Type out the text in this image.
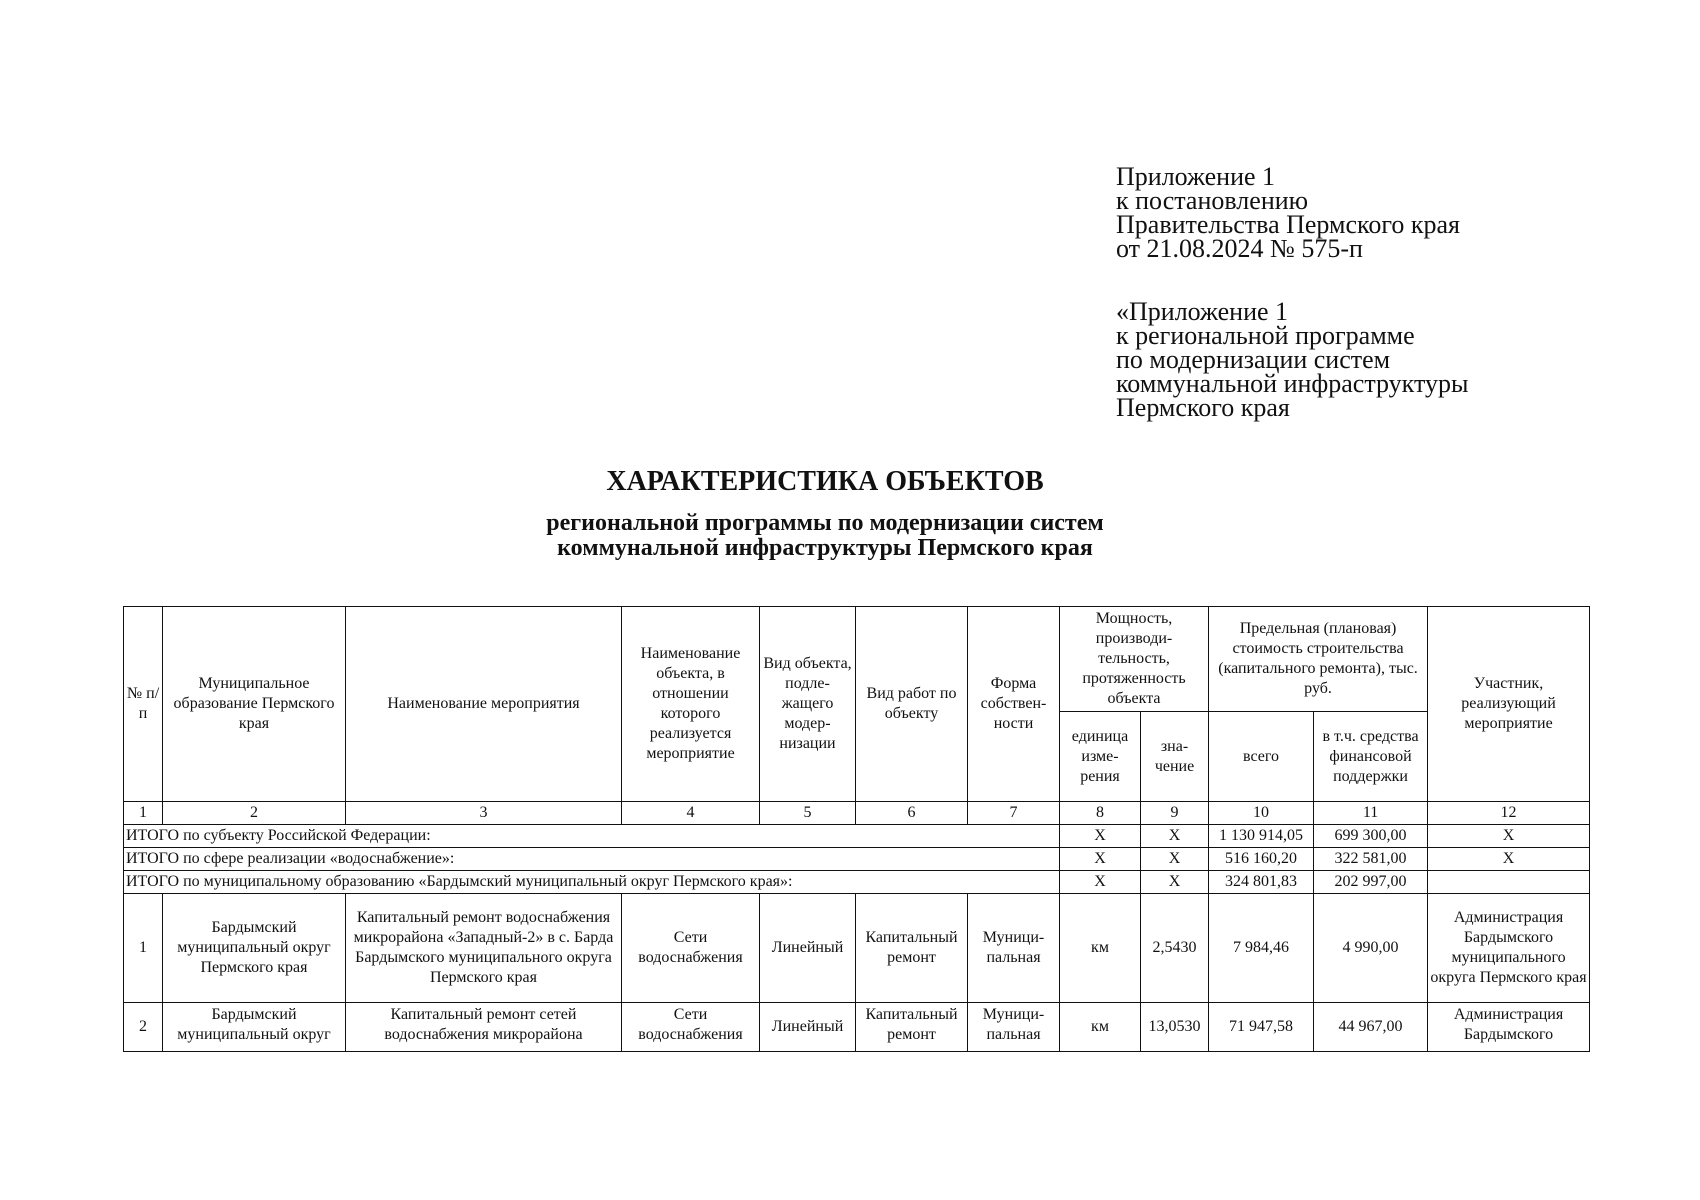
Приложение 1
к постановлению
Правительства Пермского края
от 21.08.2024 № 575-п
«Приложение 1
к региональной программе
по модернизации систем
коммунальной инфраструктуры
Пермского края
ХАРАКТЕРИСТИКА ОБЪЕКТОВ
региональной программы по модернизации систем
коммунальной инфраструктуры Пермского края
№ п/п	Муниципальное образование Пермского края	Наименование мероприятия	Наименование объекта, в отношении которого реализуется мероприятие	Вид объекта, подле-жащего модер-низации	Вид работ по объекту	Форма собствен-ности	Мощность, производи-тельность, протяженность объекта		Предельная (плановая) стоимость строительства (капитального ремонта), тыс. руб.		Участник, реализующий мероприятие
							единица изме-рения	зна-чение	всего	в т.ч. средства финансовой поддержки	
1	2	3	4	5	6	7	8	9	10	11	12
ИТОГО по субъекту Российской Федерации:							Х	Х	1 130 914,05	699 300,00	Х
ИТОГО по сфере реализации «водоснабжение»:							Х	Х	516 160,20	322 581,00	Х
ИТОГО по муниципальному образованию «Бардымский муниципальный округ Пермского края»:							Х	Х	324 801,83	202 997,00	
1	Бардымский муниципальный округ Пермского края	Капитальный ремонт водоснабжения микрорайона «Западный-2» в с. Барда Бардымского муниципального округа Пермского края	Сети водоснабжения	Линейный	Капитальный ремонт	Муници-пальная	км	2,5430	7 984,46	4 990,00	Администрация Бардымского муниципального округа Пермского края
2	Бардымский муниципальный округ	Капитальный ремонт сетей водоснабжения микрорайона	Сети водоснабжения	Линейный	Капитальный ремонт	Муници-пальная	км	13,0530	71 947,58	44 967,00	Администрация Бардымского
